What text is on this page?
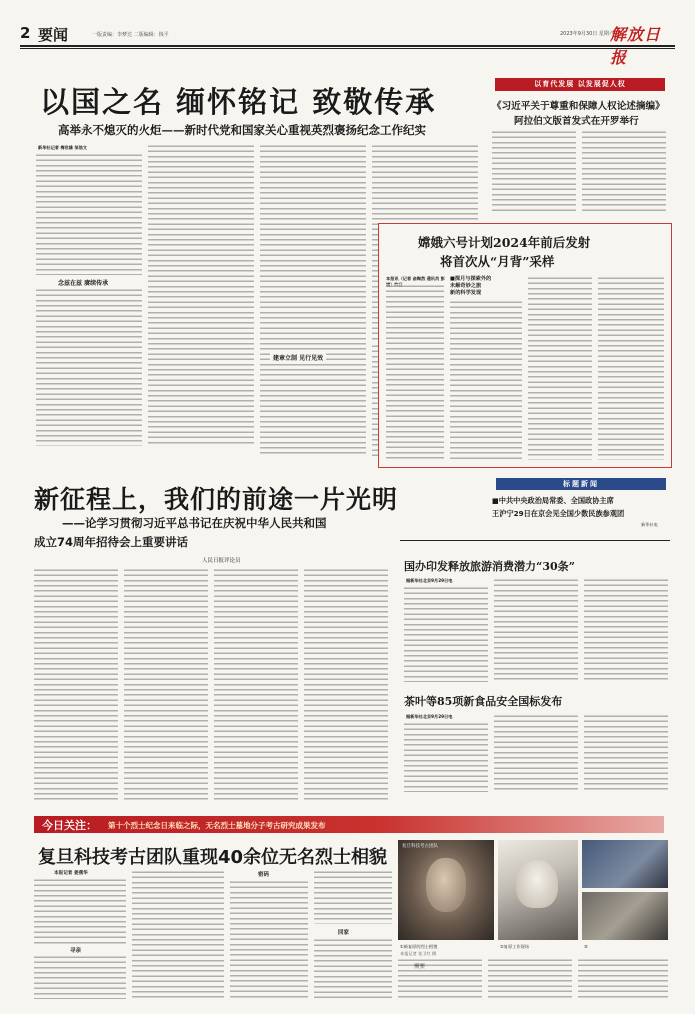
2 要闻	一版责编：李梦达 二版编辑：钱平	2023年9月30日 星期六
解放日报
以国之名 缅怀铭记 致敬传承
高举永不熄灭的火炬——新时代党和国家关心重视英烈褒扬纪念工作纪实
新华社记者 梅世雄 邹浩文
念兹在兹 赓续传承
建章立制 见行见效
以育代发展 以发展促人权
《习近平关于尊重和保障人权论述摘编》
阿拉伯文版首发式在开罗举行
嫦娥六号计划2024年前后发射
将首次从“月背”采样
本报讯（记者 俞陶然 通讯员 彭 ■探月与探索外的
未解奇妙之旅
新的科学发现
新征程上，我们的前途一片光明
——论学习贯彻习近平总书记在庆祝中华人民共和国
成立74周年招待会上重要讲话
人民日报评论员
标题新闻
■中共中央政治局常委、全国政协主席
王沪宁29日在京会见全国少数民族参观团
新华社电
国办印发释放旅游消费潜力“30条”
据新华社北京9月29日电
茶叶等85项新食品安全国标发布
据新华社北京9月29日电
今日关注： 第十个烈士纪念日来临之际，无名烈士墓地分子考古研究成果发布
复旦科技考古团队重现40余位无名烈士相貌
本报记者 姜燕华
寻亲
密码
回家
复旦科技考古团队
①新复原的烈士相貌	②复原工作现场	③
本报记者 张卫红 摄
